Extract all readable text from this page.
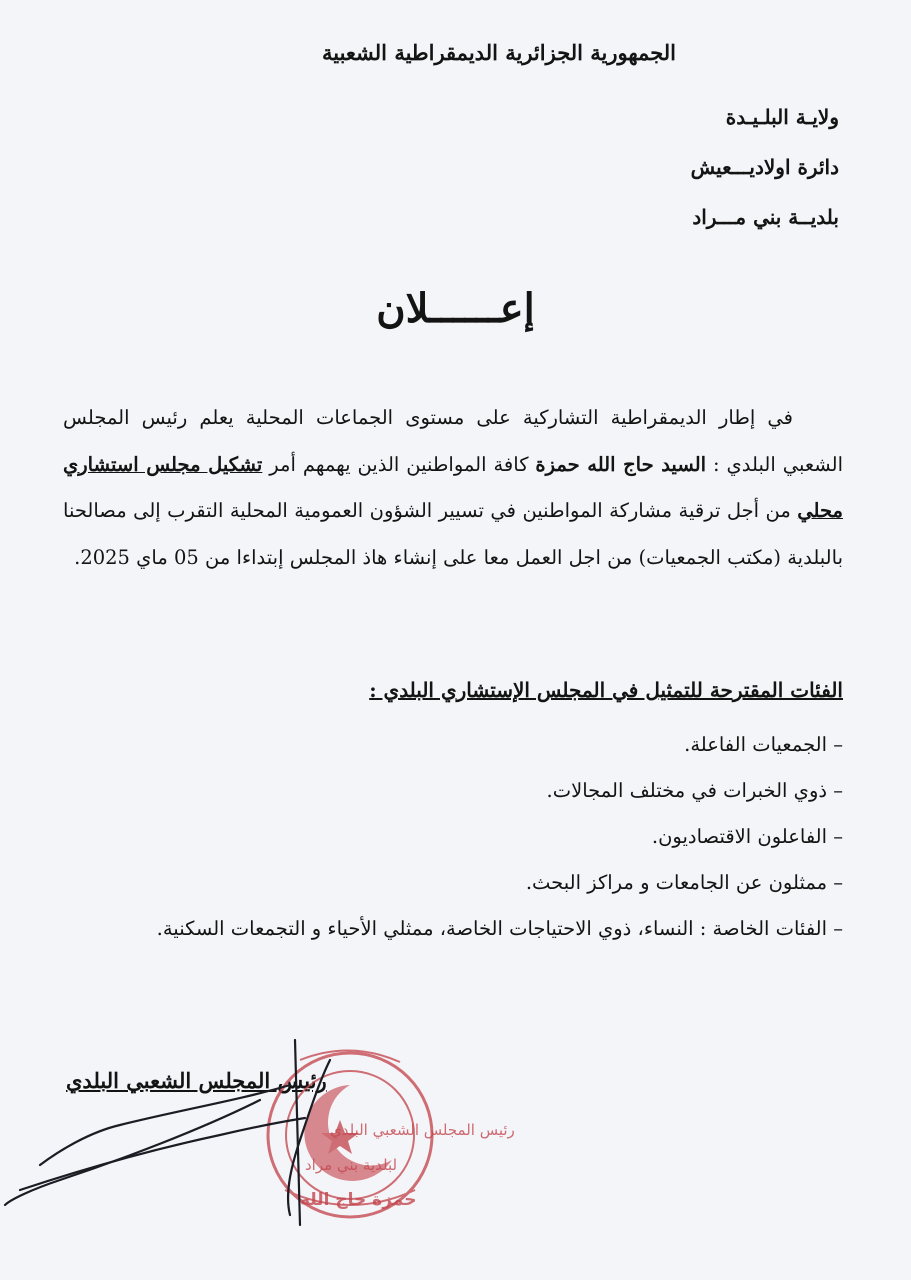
الجمهورية الجزائرية الديمقراطية الشعبية
ولايـة البلـيـدة
دائرة اولاديـــعيش
بلديــة بني مـــراد
إعــــــلان

في إطار الديمقراطية التشاركية على مستوى الجماعات المحلية يعلم رئيس المجلس الشعبي البلدي : السيد حاج الله حمزة كافة المواطنين الذين يهمهم أمر تشكيل مجلس استشاري محلي من أجل ترقية مشاركة المواطنين في تسيير الشؤون العمومية المحلية التقرب إلى مصالحنا بالبلدية (مكتب الجمعيات) من اجل العمل معا على إنشاء هاذ المجلس إبتداءا من 05 ماي 2025.

الفئات المقترحة للتمثيل في المجلس الإستشاري البلدي :
– الجمعيات الفاعلة.
– ذوي الخبرات في مختلف المجالات.
– الفاعلون الاقتصاديون.
– ممثلون عن الجامعات و مراكز البحث.
– الفئات الخاصة : النساء، ذوي الاحتياجات الخاصة، ممثلي الأحياء و التجمعات السكنية.
رئيس المجلس الشعبي البلدي
رئيس المجلس الشعبي البلدي
لبلدية بني مراد
حمزة حاج الله
